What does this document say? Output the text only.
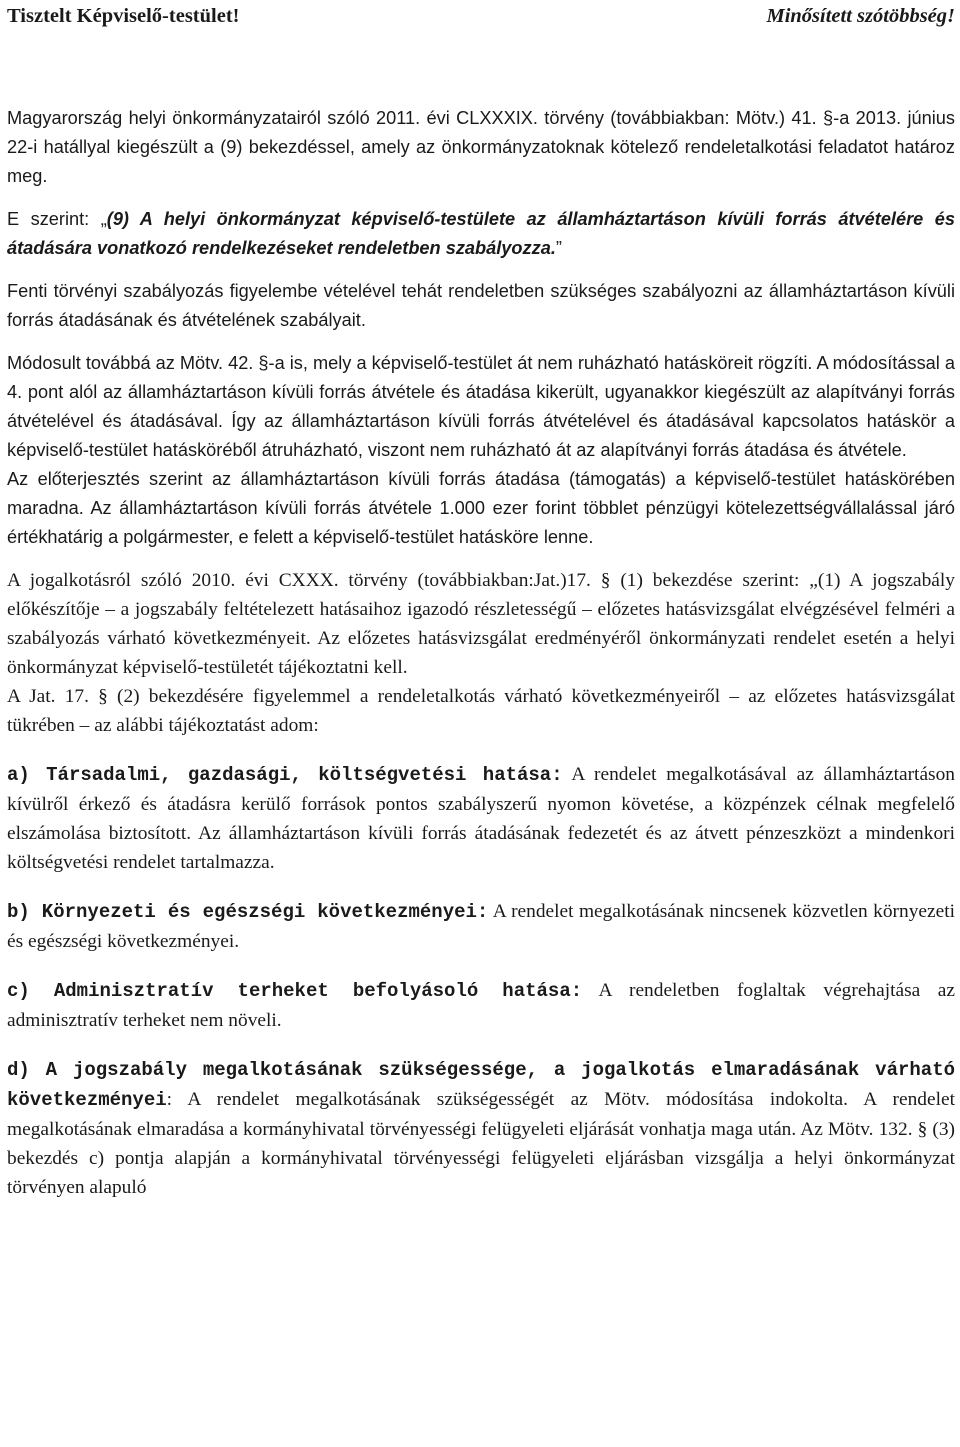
Tisztelt Képviselő-testület!	Minősített szótöbbség!

Magyarország helyi önkormányzatairól szóló 2011. évi CLXXXIX. törvény (továbbiakban: Mötv.) 41. §-a 2013. június 22-i hatállyal kiegészült a (9) bekezdéssel, amely az önkormányzatoknak kötelező rendeletalkotási feladatot határoz meg.

E szerint: „(9) A helyi önkormányzat képviselő-testülete az államháztartáson kívüli forrás átvételére és átadására vonatkozó rendelkezéseket rendeletben szabályozza.”

Fenti törvényi szabályozás figyelembe vételével tehát rendeletben szükséges szabályozni az államháztartáson kívüli forrás átadásának és átvételének szabályait.

Módosult továbbá az Mötv. 42. §-a is, mely a képviselő-testület át nem ruházható hatásköreit rögzíti. A módosítással a 4. pont alól az államháztartáson kívüli forrás átvétele és átadása kikerült, ugyanakkor kiegészült az alapítványi forrás átvételével és átadásával. Így az államháztartáson kívüli forrás átvételével és átadásával kapcsolatos hatáskör a képviselő-testület hatásköréből átruházható, viszont nem ruházható át az alapítványi forrás átadása és átvétele.

Az előterjesztés szerint az államháztartáson kívüli forrás átadása (támogatás) a képviselő-testület hatáskörében maradna. Az államháztartáson kívüli forrás átvétele 1.000 ezer forint többlet pénzügyi kötelezettségvállalással járó értékhatárig a polgármester, e felett a képviselő-testület hatásköre lenne.

A jogalkotásról szóló 2010. évi CXXX. törvény (továbbiakban:Jat.)17. § (1) bekezdése szerint: „(1) A jogszabály előkészítője – a jogszabály feltételezett hatásaihoz igazodó részletességű – előzetes hatásvizsgálat elvégzésével felméri a szabályozás várható következményeit. Az előzetes hatásvizsgálat eredményéről önkormányzati rendelet esetén a helyi önkormányzat képviselő-testületét tájékoztatni kell.

A Jat. 17. § (2) bekezdésére figyelemmel a rendeletalkotás várható következményeiről – az előzetes hatásvizsgálat tükrében – az alábbi tájékoztatást adom:

a) Társadalmi, gazdasági, költségvetési hatása: A rendelet megalkotásával az államháztartáson kívülről érkező és átadásra kerülő források pontos szabályszerű nyomon követése, a közpénzek célnak megfelelő elszámolása biztosított. Az államháztartáson kívüli forrás átadásának fedezetét és az átvett pénzeszközt a mindenkori költségvetési rendelet tartalmazza.

b) Környezeti és egészségi következményei: A rendelet megalkotásának nincsenek közvetlen környezeti és egészségi következményei.

c) Adminisztratív terheket befolyásoló hatása: A rendeletben foglaltak végrehajtása az adminisztratív terheket nem növeli.

d) A jogszabály megalkotásának szükségessége, a jogalkotás elmaradásának várható következményei: A rendelet megalkotásának szükségességét az Mötv. módosítása indokolta. A rendelet megalkotásának elmaradása a kormányhivatal törvényességi felügyeleti eljárását vonhatja maga után. Az Mötv. 132. § (3) bekezdés c) pontja alapján a kormányhivatal törvényességi felügyeleti eljárásban vizsgálja a helyi önkormányzat törvényen alapuló
